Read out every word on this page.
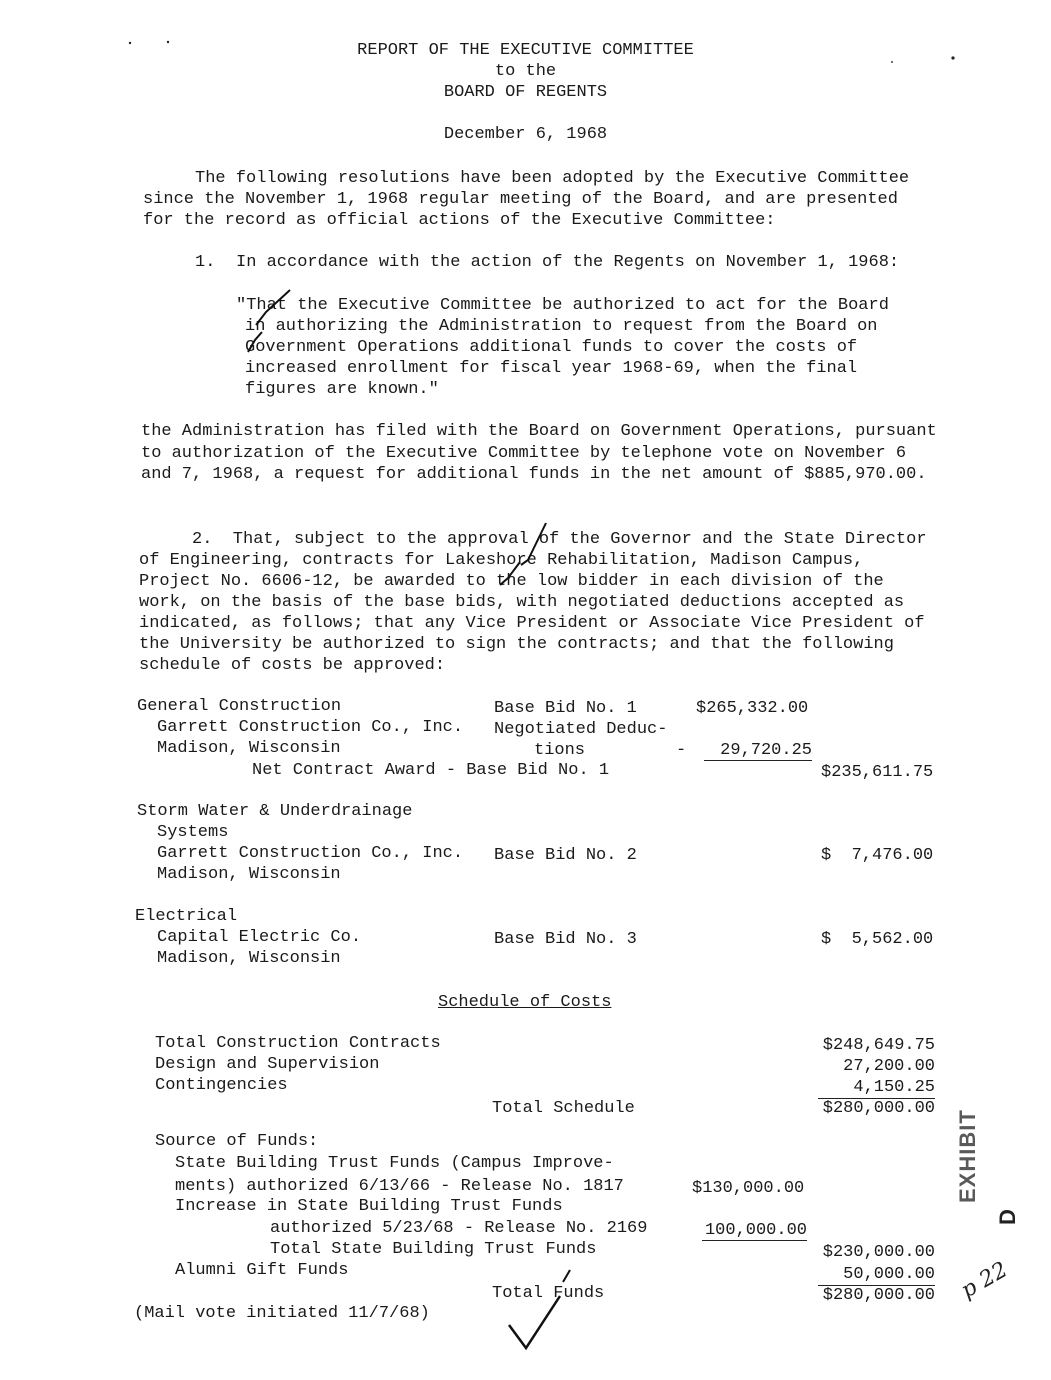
REPORT OF THE EXECUTIVE COMMITTEE
to the
BOARD OF REGENTS
December 6, 1968
The following resolutions have been adopted by the Executive Committee
since the November 1, 1968 regular meeting of the Board, and are presented
for the record as official actions of the Executive Committee:
1. In accordance with the action of the Regents on November 1, 1968:
"That the Executive Committee be authorized to act for the Board
in authorizing the Administration to request from the Board on
Government Operations additional funds to cover the costs of
increased enrollment for fiscal year 1968-69, when the final
figures are known."
the Administration has filed with the Board on Government Operations, pursuant
to authorization of the Executive Committee by telephone vote on November 6
and 7, 1968, a request for additional funds in the net amount of $885,970.00.
2.  That, subject to the approval of the Governor and the State Director
of Engineering, contracts for Lakeshore Rehabilitation, Madison Campus,
Project No. 6606-12, be awarded to the low bidder in each division of the
work, on the basis of the base bids, with negotiated deductions accepted as
indicated, as follows; that any Vice President or Associate Vice President of
the University be authorized to sign the contracts; and that the following
schedule of costs be approved:
General Construction	Base Bid No. 1	$265,332.00
Garrett Construction Co., Inc. Negotiated Deduc-
Madison, Wisconsin	tions	-	29,720.25
Net Contract Award - Base Bid No. 1	$235,611.75
Storm Water & Underdrainage
Systems
Garrett Construction Co., Inc. Base Bid No. 2	$  7,476.00
Madison, Wisconsin
Electrical
Capital Electric Co.	Base Bid No. 3	$  5,562.00
Madison, Wisconsin
Schedule of Costs
Total Construction Contracts	$248,649.75
Design and Supervision	27,200.00
Contingencies	4,150.25
Total Schedule	$280,000.00
Source of Funds:
State Building Trust Funds (Campus Improve-
ments) authorized 6/13/66 - Release No. 1817	$130,000.00
Increase in State Building Trust Funds
authorized 5/23/68 - Release No. 2169	100,000.00
Total State Building Trust Funds	$230,000.00
Alumni Gift Funds	50,000.00
Total Funds	$280,000.00
(Mail vote initiated 11/7/68)
EXHIBIT
D
p 22
